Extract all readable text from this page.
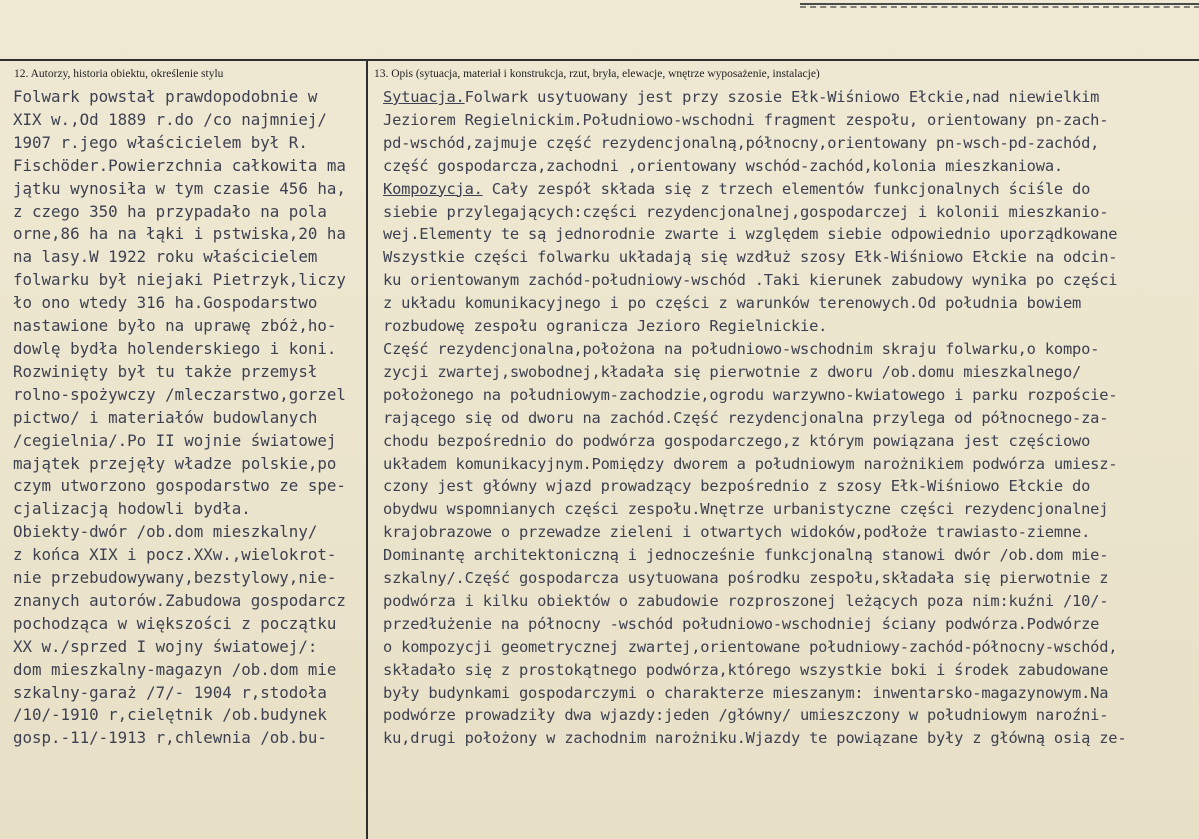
12. Autorzy, historia obiektu, określenie stylu	13. Opis (sytuacja, materiał i konstrukcja, rzut, bryła, elewacje, wnętrze wyposażenie, instalacje)
Folwark powstał prawdopodobnie w
XIX w.,Od 1889 r.do /co najmniej/
1907 r.jego właścicielem był R.
Fischöder.Powierzchnia całkowita ma
jątku wynosiła w tym czasie 456 ha,
z czego 350 ha przypadało na pola
orne,86 ha na łąki i pstwiska,20 ha
na lasy.W 1922 roku właścicielem
folwarku był niejaki Pietrzyk,liczy
ło ono wtedy 316 ha.Gospodarstwo
nastawione było na uprawę zbóż,ho-
dowlę bydła holenderskiego i koni.
Rozwinięty był tu także przemysł
rolno-spożywczy /mleczarstwo,gorzel
pictwo/ i materiałów budowlanych
/cegielnia/.Po II wojnie światowej
majątek przejęły władze polskie,po
czym utworzono gospodarstwo ze spe-
cjalizacją hodowli bydła.
Obiekty-dwór /ob.dom mieszkalny/
z końca XIX i pocz.XXw.,wielokrot-
nie przebudowywany,bezstylowy,nie-
znanych autorów.Zabudowa gospodarcz
pochodząca w większości z początku
XX w./sprzed I wojny światowej/:
dom mieszkalny-magazyn /ob.dom mie
szkalny-garaż /7/- 1904 r,stodoła
/10/-1910 r,cielętnik /ob.budynek
gosp.-11/-1913 r,chlewnia /ob.bu-
Sytuacja.Folwark usytuowany jest przy szosie Ełk-Wiśniowo Ełckie,nad niewielkim
Jeziorem Regielnickim.Południowo-wschodni fragment zespołu, orientowany pn-zach-
pd-wschód,zajmuje część rezydencjonalną,północny,orientowany pn-wsch-pd-zachód,
część gospodarcza,zachodni ,orientowany wschód-zachód,kolonia mieszkaniowa.
Kompozycja. Cały zespół składa się z trzech elementów funkcjonalnych ściśle do
siebie przylegających:części rezydencjonalnej,gospodarczej i kolonii mieszkanio-
wej.Elementy te są jednorodnie zwarte i względem siebie odpowiednio uporządkowane
Wszystkie części folwarku układają się wzdłuż szosy Ełk-Wiśniowo Ełckie na odcin-
ku orientowanym zachód-południowy-wschód .Taki kierunek zabudowy wynika po części
z układu komunikacyjnego i po części z warunków terenowych.Od południa bowiem
rozbudowę zespołu ogranicza Jezioro Regielnickie.
Część rezydencjonalna,położona na południowo-wschodnim skraju folwarku,o kompo-
zycji zwartej,swobodnej,kładała się pierwotnie z dworu /ob.domu mieszkalnego/
położonego na południowym-zachodzie,ogrodu warzywno-kwiatowego i parku rozpoście-
rającego się od dworu na zachód.Część rezydencjonalna przylega od północnego-za-
chodu bezpośrednio do podwórza gospodarczego,z którym powiązana jest częściowo
układem komunikacyjnym.Pomiędzy dworem a południowym narożnikiem podwórza umiesz-
czony jest główny wjazd prowadzący bezpośrednio z szosy Ełk-Wiśniowo Ełckie do
obydwu wspomnianych części zespołu.Wnętrze urbanistyczne części rezydencjonalnej
krajobrazowe o przewadze zieleni i otwartych widoków,podłoże trawiasto-ziemne.
Dominantę architektoniczną i jednocześnie funkcjonalną stanowi dwór /ob.dom mie-
szkalny/.Część gospodarcza usytuowana pośrodku zespołu,składała się pierwotnie z
podwórza i kilku obiektów o zabudowie rozproszonej leżących poza nim:kuźni /10/-
przedłużenie na północny -wschód południowo-wschodniej ściany podwórza.Podwórze
o kompozycji geometrycznej zwartej,orientowane południowy-zachód-północny-wschód,
składało się z prostokątnego podwórza,którego wszystkie boki i środek zabudowane
były budynkami gospodarczymi o charakterze mieszanym: inwentarsko-magazynowym.Na
podwórze prowadziły dwa wjazdy:jeden /główny/ umieszczony w południowym naroźni-
ku,drugi położony w zachodnim narożniku.Wjazdy te powiązane były z główną osią ze-
